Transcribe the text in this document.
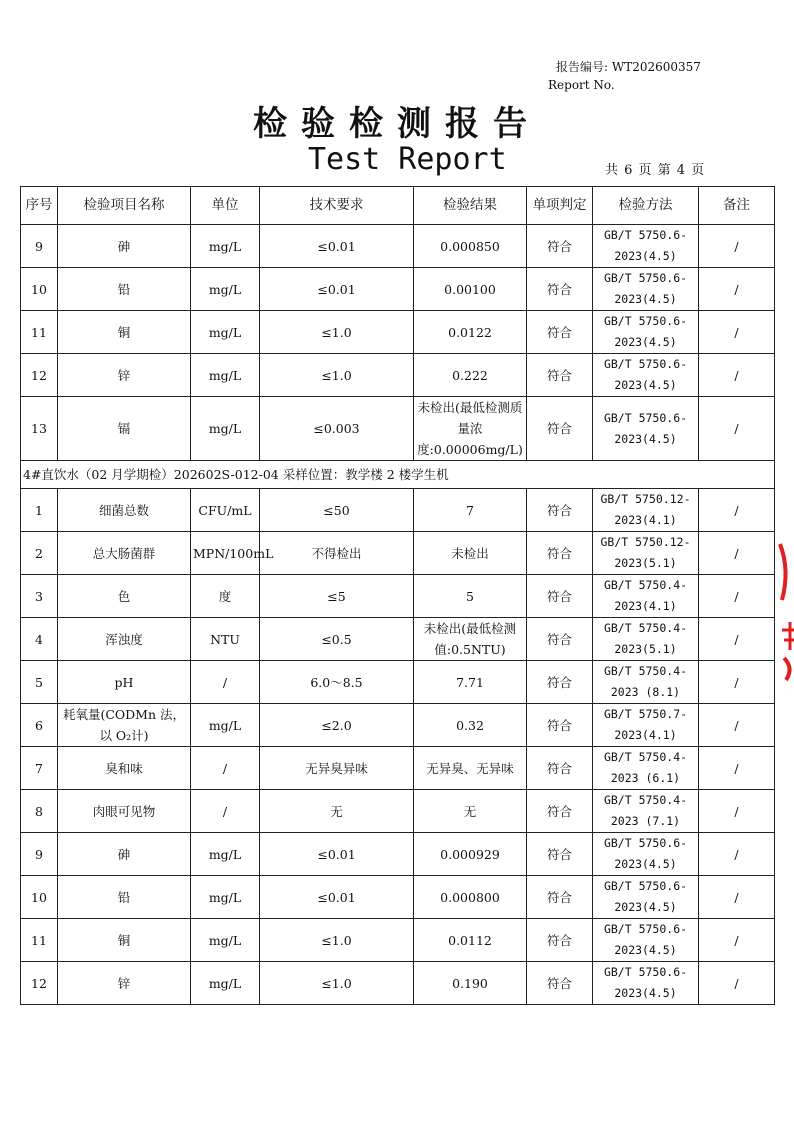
报告编号: WT202600357
Report No.
检验检测报告
Test Report	共 6 页 第 4 页
序号	检验项目名称	单位	技术要求	检验结果	单项判定	检验方法	备注
9	砷	mg/L	≤0.01	0.000850	符合	GB/T 5750.6-2023(4.5)	/
10	铅	mg/L	≤0.01	0.00100	符合	GB/T 5750.6-2023(4.5)	/
11	铜	mg/L	≤1.0	0.0122	符合	GB/T 5750.6-2023(4.5)	/
12	锌	mg/L	≤1.0	0.222	符合	GB/T 5750.6-2023(4.5)	/
13	镉	mg/L	≤0.003	未检出(最低检测质量浓度:0.00006mg/L)	符合	GB/T 5750.6-2023(4.5)	/
4#直饮水（02 月学期检）202602S-012-04 采样位置：教学楼 2 楼学生机							
1	细菌总数	CFU/mL	≤50	7	符合	GB/T 5750.12-2023(4.1)	/
2	总大肠菌群	MPN/100mL	不得检出	未检出	符合	GB/T 5750.12-2023(5.1)	/
3	色	度	≤5	5	符合	GB/T 5750.4-2023(4.1)	/
4	浑浊度	NTU	≤0.5	未检出(最低检测值:0.5NTU)	符合	GB/T 5750.4-2023(5.1)	/
5	pH	/	6.0～8.5	7.71	符合	GB/T 5750.4-2023 (8.1)	/
6	耗氧量(CODMn 法，以 O₂计)	mg/L	≤2.0	0.32	符合	GB/T 5750.7-2023(4.1)	/
7	臭和味	/	无异臭异味	无异臭、无异味	符合	GB/T 5750.4-2023 (6.1)	/
8	肉眼可见物	/	无	无	符合	GB/T 5750.4-2023 (7.1)	/
9	砷	mg/L	≤0.01	0.000929	符合	GB/T 5750.6-2023(4.5)	/
10	铅	mg/L	≤0.01	0.000800	符合	GB/T 5750.6-2023(4.5)	/
11	铜	mg/L	≤1.0	0.0112	符合	GB/T 5750.6-2023(4.5)	/
12	锌	mg/L	≤1.0	0.190	符合	GB/T 5750.6-2023(4.5)	/
